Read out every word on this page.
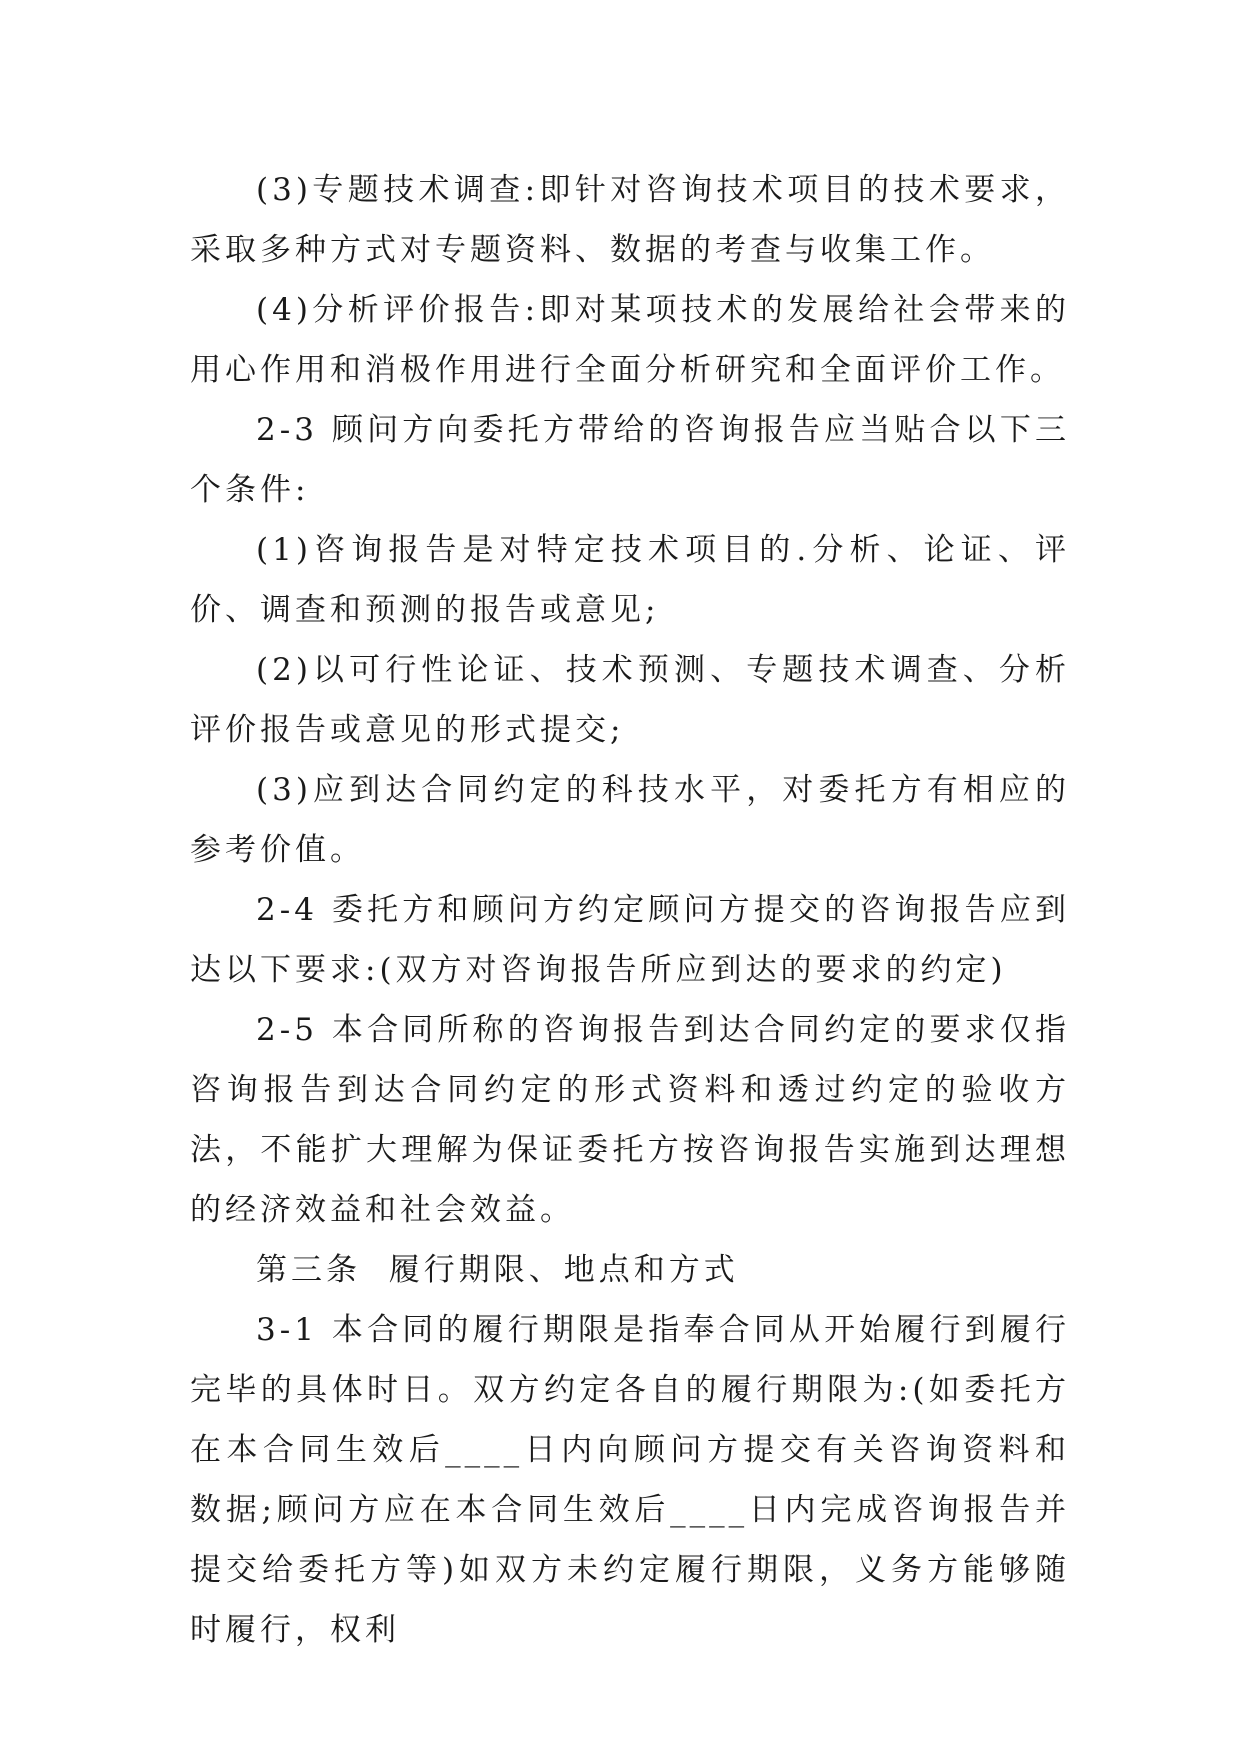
(3)专题技术调查:即针对咨询技术项目的技术要求，采取多种方式对专题资料、数据的考查与收集工作。

(4)分析评价报告:即对某项技术的发展给社会带来的用心作用和消极作用进行全面分析研究和全面评价工作。

2-3 顾问方向委托方带给的咨询报告应当贴合以下三个条件:

(1)咨询报告是对特定技术项目的.分析、论证、评价、调查和预测的报告或意见;

(2)以可行性论证、技术预测、专题技术调查、分析评价报告或意见的形式提交;

(3)应到达合同约定的科技水平，对委托方有相应的参考价值。

2-4 委托方和顾问方约定顾问方提交的咨询报告应到达以下要求:(双方对咨询报告所应到达的要求的约定)

2-5 本合同所称的咨询报告到达合同约定的要求仅指咨询报告到达合同约定的形式资料和透过约定的验收方法，不能扩大理解为保证委托方按咨询报告实施到达理想的经济效益和社会效益。

第三条  履行期限、地点和方式

3-1 本合同的履行期限是指奉合同从开始履行到履行完毕的具体时日。双方约定各自的履行期限为:(如委托方在本合同生效后____日内向顾问方提交有关咨询资料和数据;顾问方应在本合同生效后____日内完成咨询报告并提交给委托方等)如双方未约定履行期限，义务方能够随时履行，权利
